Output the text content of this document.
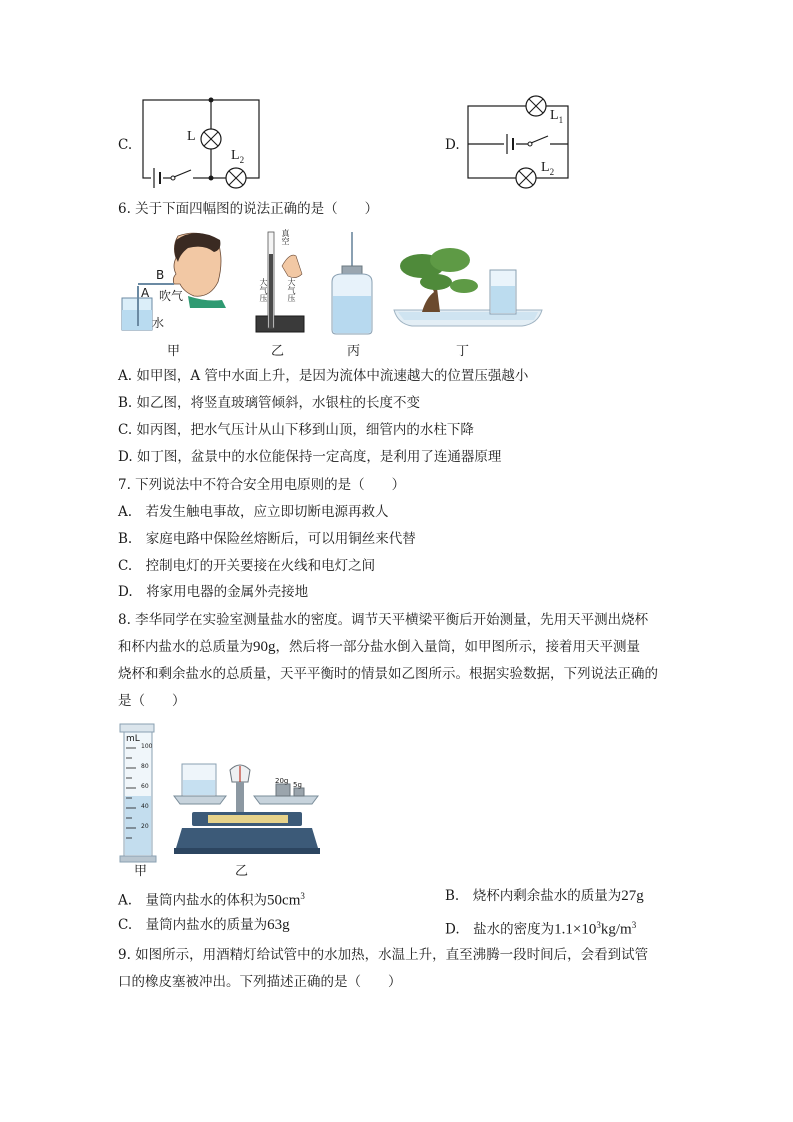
C.
L
$L_2$
D.
$L_1$
$L_2$
6. 关于下面四幅图的说法正确的是（　　）
B
A 吹气
水
真空
大气压 大气压
甲	乙	丙	丁
A. 如甲图，A 管中水面上升，是因为流体中流速越大的位置压强越小
B. 如乙图，将竖直玻璃管倾斜，水银柱的长度不变
C. 如丙图，把水气压计从山下移到山顶，细管内的水柱下降
D. 如丁图，盆景中的水位能保持一定高度，是利用了连通器原理
7. 下列说法中不符合安全用电原则的是（　　）
A.　若发生触电事故，应立即切断电源再救人
B.　家庭电路中保险丝熔断后，可以用铜丝来代替
C.　控制电灯的开关要接在火线和电灯之间
D.　将家用电器的金属外壳接地
8. 李华同学在实验室测量盐水的密度。调节天平横梁平衡后开始测量，先用天平测出烧杯
和杯内盐水的总质量为90g，然后将一部分盐水倒入量筒，如甲图所示，接着用天平测量
烧杯和剩余盐水的总质量，天平平衡时的情景如乙图所示。根据实验数据，下列说法正确的
是（　　）
mL
100
80
60
40
20
20g 5g
甲	乙
A.　量筒内盐水的体积为$50cm^3$	B.　烧杯内剩余盐水的质量为27g
C.　量筒内盐水的质量为63g	D.　盐水的密度为$1.1\times 10^3kg/m^3$
9. 如图所示，用酒精灯给试管中的水加热，水温上升，直至沸腾一段时间后，会看到试管
口的橡皮塞被冲出。下列描述正确的是（　　）
